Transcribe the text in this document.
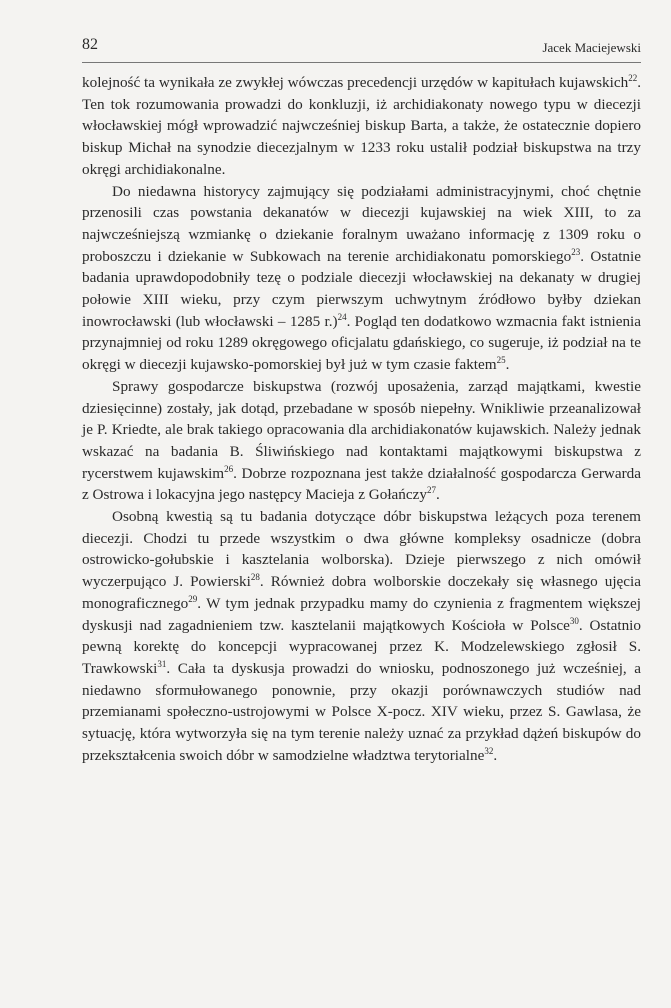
82	Jacek Maciejewski

kolejność ta wynikała ze zwykłej wówczas precedencji urzędów w kapitułach kujawskich$^{22}$. Ten tok rozumowania prowadzi do konkluzji, iż archidiakonaty nowego typu w diecezji włocławskiej mógł wprowadzić najwcześniej biskup Barta, a także, że ostatecznie dopiero biskup Michał na synodzie diecezjalnym w 1233 roku ustalił podział biskupstwa na trzy okręgi archidiakonalne.

Do niedawna historycy zajmujący się podziałami administracyjnymi, choć chętnie przenosili czas powstania dekanatów w diecezji kujawskiej na wiek XIII, to za najwcześniejszą wzmiankę o dziekanie foralnym uważano informację z 1309 roku o proboszczu i dziekanie w Subkowach na terenie archidiakonatu pomorskiego$^{23}$. Ostatnie badania uprawdopodobniły tezę o podziale diecezji włocławskiej na dekanaty w drugiej połowie XIII wieku, przy czym pierwszym uchwytnym źródłowo byłby dziekan inowrocławski (lub włocławski – 1285 r.)$^{24}$. Pogląd ten dodatkowo wzmacnia fakt istnienia przynajmniej od roku 1289 okręgowego oficjalatu gdańskiego, co sugeruje, iż podział na te okręgi w diecezji kujawsko-pomorskiej był już w tym czasie faktem$^{25}$.

Sprawy gospodarcze biskupstwa (rozwój uposażenia, zarząd majątkami, kwestie dziesięcinne) zostały, jak dotąd, przebadane w sposób niepełny. Wnikliwie przeanalizował je P. Kriedte, ale brak takiego opracowania dla archidiakonatów kujawskich. Należy jednak wskazać na badania B. Śliwińskiego nad kontaktami majątkowymi biskupstwa z rycerstwem kujawskim$^{26}$. Dobrze rozpoznana jest także działalność gospodarcza Gerwarda z Ostrowa i lokacyjna jego następcy Macieja z Gołańczy$^{27}$.

Osobną kwestią są tu badania dotyczące dóbr biskupstwa leżących poza terenem diecezji. Chodzi tu przede wszystkim o dwa główne kompleksy osadnicze (dobra ostrowicko-gołubskie i kasztelania wolborska). Dzieje pierwszego z nich omówił wyczerpująco J. Powierski$^{28}$. Również dobra wolborskie doczekały się własnego ujęcia monograficznego$^{29}$. W tym jednak przypadku mamy do czynienia z fragmentem większej dyskusji nad zagadnieniem tzw. kasztelanii majątkowych Kościoła w Polsce$^{30}$. Ostatnio pewną korektę do koncepcji wypracowanej przez K. Modzelewskiego zgłosił S. Trawkowski$^{31}$. Cała ta dyskusja prowadzi do wniosku, podnoszonego już wcześniej, a niedawno sformułowanego ponownie, przy okazji porównawczych studiów nad przemianami społeczno-ustrojowymi w Polsce X-pocz. XIV wieku, przez S. Gawlasa, że sytuację, która wytworzyła się na tym terenie należy uznać za przykład dążeń biskupów do przekształcenia swoich dóbr w samodzielne władztwa terytorialne$^{32}$.
